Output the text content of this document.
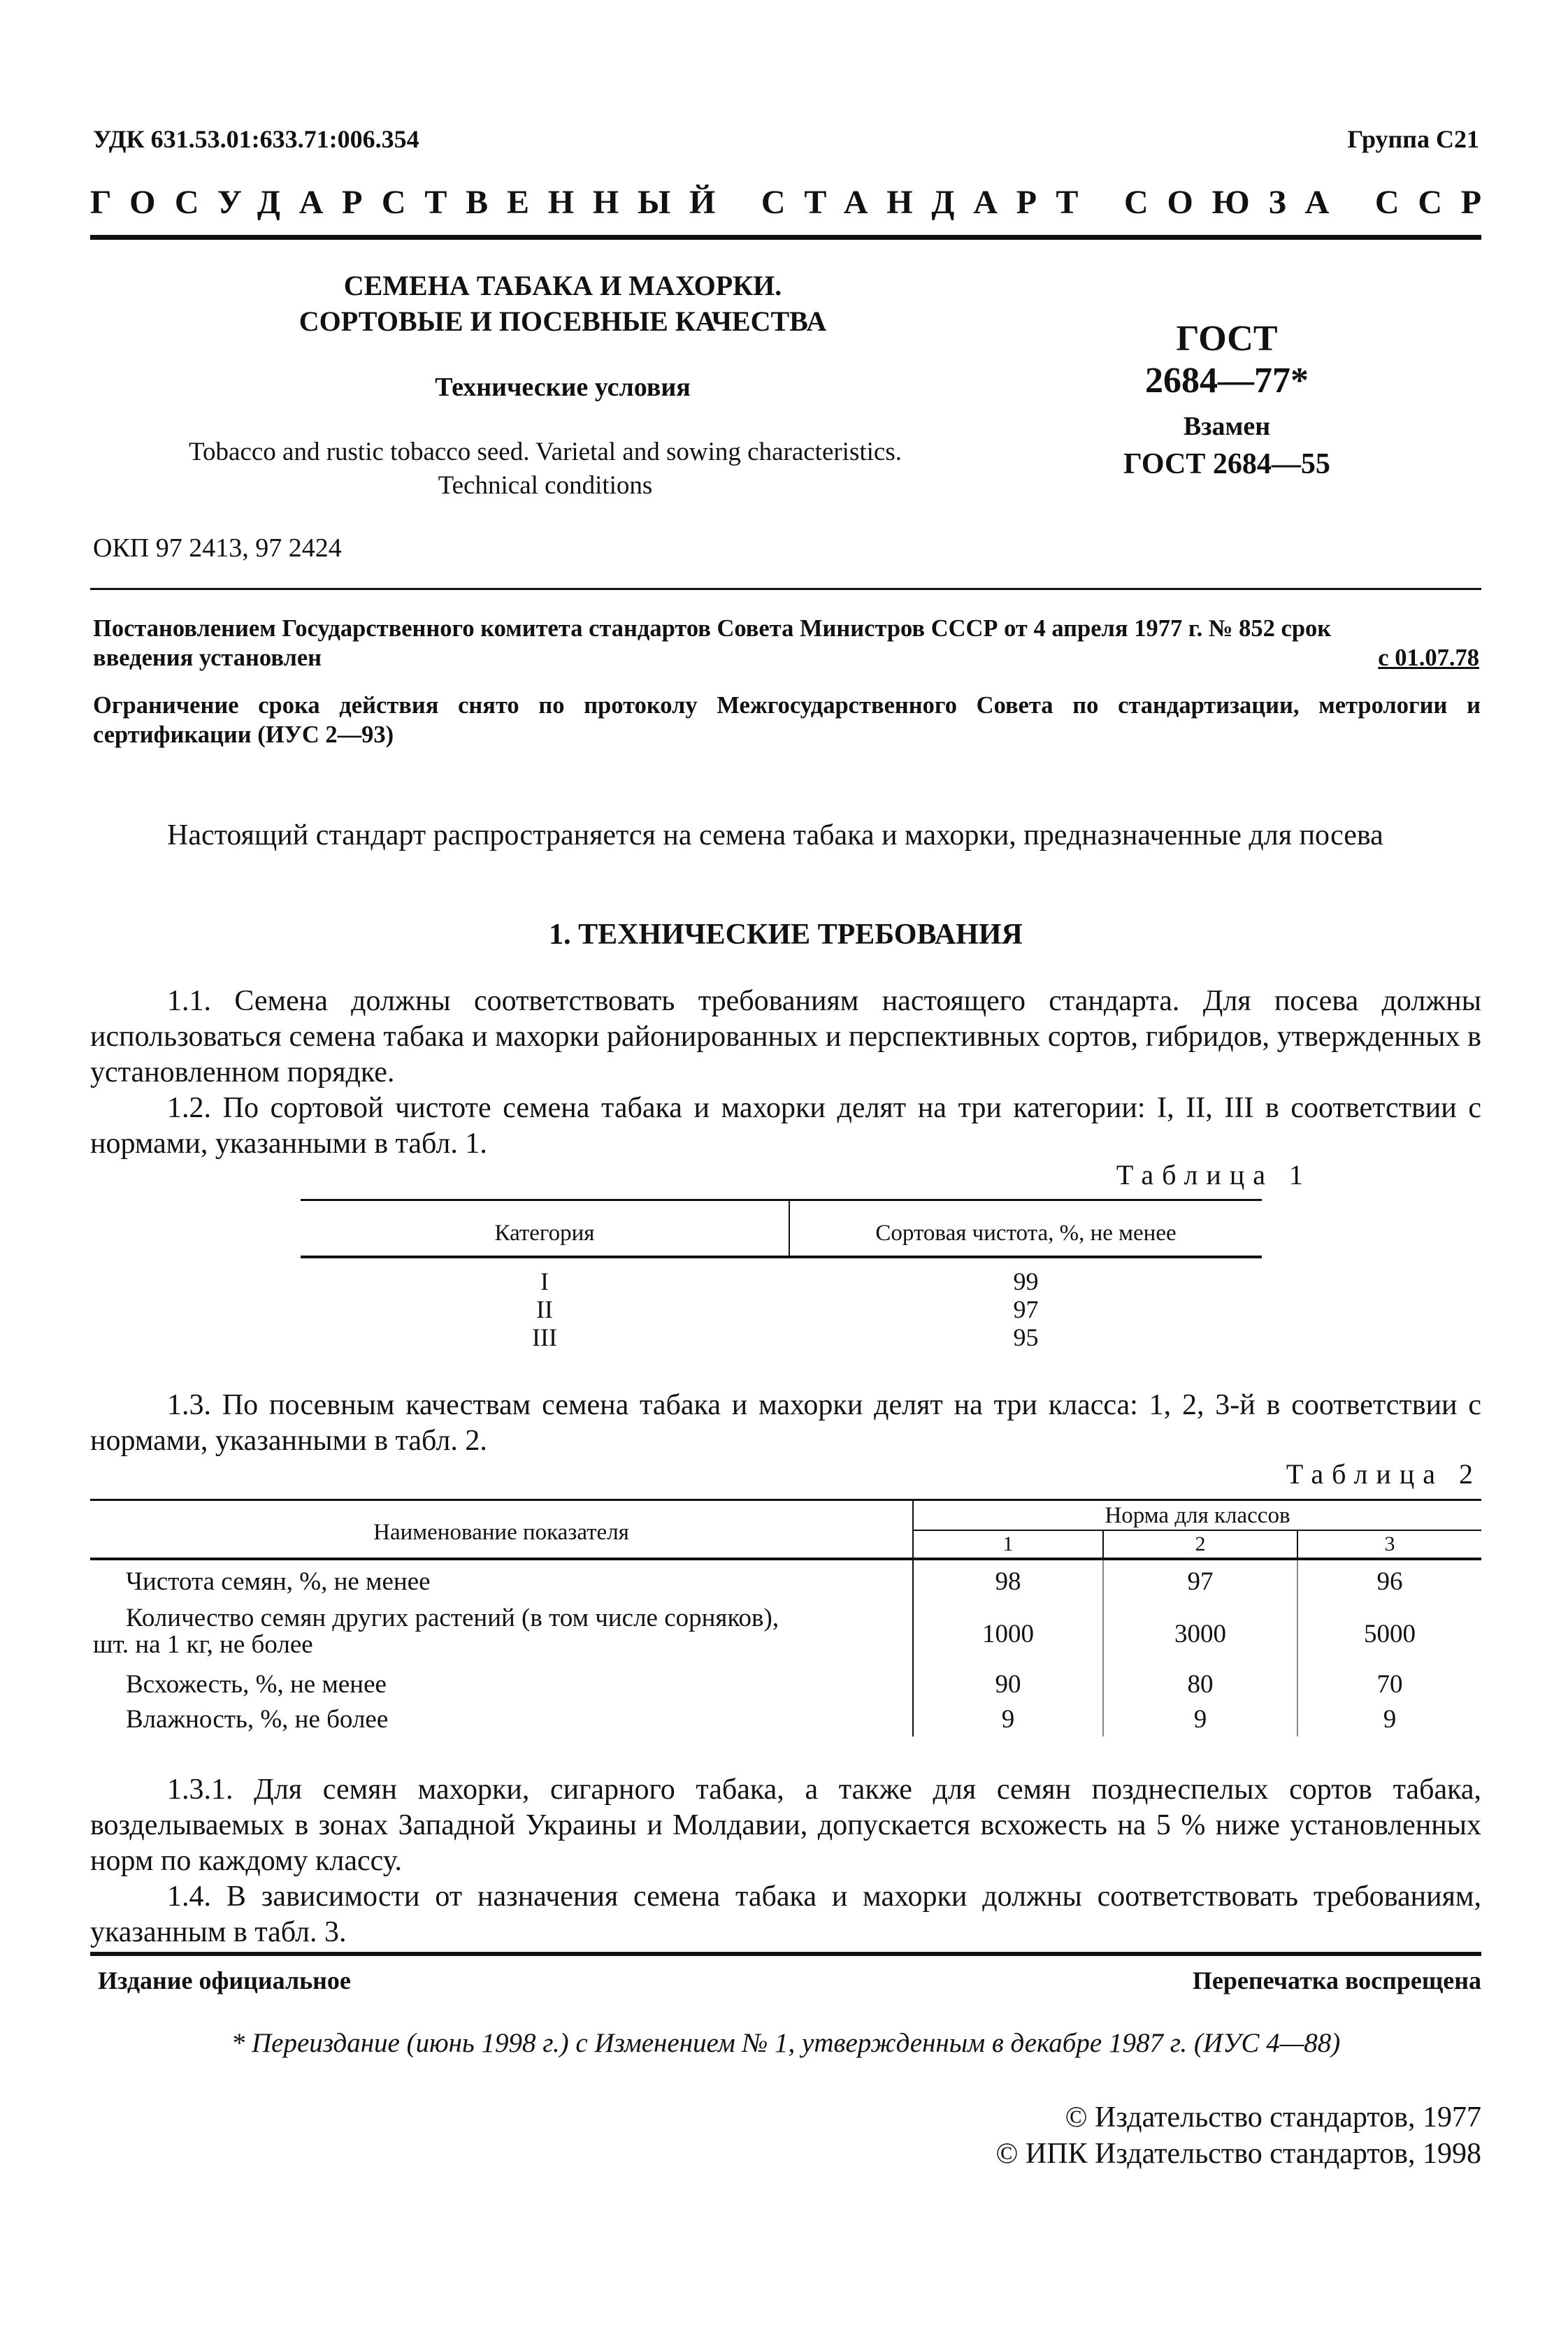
УДК 631.53.01:633.71:006.354	Группа С21
ГОСУДАРСТВЕННЫЙ СТАНДАРТ СОЮЗА ССР
СЕМЕНА ТАБАКА И МАХОРКИ.
СОРТОВЫЕ И ПОСЕВНЫЕ КАЧЕСТВА
Технические условия
Tobacco and rustic tobacco seed. Varietal and sowing characteristics.
Technical conditions
ГОСТ
2684—77*
Взамен
ГОСТ 2684—55
ОКП 97 2413, 97 2424
Постановлением Государственного комитета стандартов Совета Министров СССР от 4 апреля 1977 г. № 852 срок
введения установлен	с 01.07.78
Ограничение срока действия снято по протоколу Межгосударственного Совета по стандартизации, метрологии и сертификации (ИУС 2—93)
Настоящий стандарт распространяется на семена табака и махорки, предназначенные для посева
1. ТЕХНИЧЕСКИЕ ТРЕБОВАНИЯ
1.1. Семена должны соответствовать требованиям настоящего стандарта. Для посева должны использоваться семена табака и махорки районированных и перспективных сортов, гибридов, утвержденных в установленном порядке.
1.2. По сортовой чистоте семена табака и махорки делят на три категории: I, II, III в соответствии с нормами, указанными в табл. 1.
Таблица 1
Категория	Сортовая чистота, %, не менее
I	99
II	97
III	95
1.3. По посевным качествам семена табака и махорки делят на три класса: 1, 2, 3-й в соответствии с нормами, указанными в табл. 2.
Таблица 2
Наименование показателя
Норма для классов
1	2	3
Чистота семян, %, не менее	98	97	96
Количество семян других растений (в том числе сорняков),
шт. на 1 кг, не более	1000	3000	5000
Всхожесть, %, не менее	90	80	70
Влажность, %, не более	9	9	9
1.3.1. Для семян махорки, сигарного табака, а также для семян позднеспелых сортов табака, возделываемых в зонах Западной Украины и Молдавии, допускается всхожесть на 5 % ниже установленных норм по каждому классу.
1.4. В зависимости от назначения семена табака и махорки должны соответствовать требованиям, указанным в табл. 3.
Издание официальное	Перепечатка воспрещена
* Переиздание (июнь 1998 г.) с Изменением № 1, утвержденным в декабре 1987 г. (ИУС 4—88)
© Издательство стандартов, 1977
© ИПК Издательство стандартов, 1998
